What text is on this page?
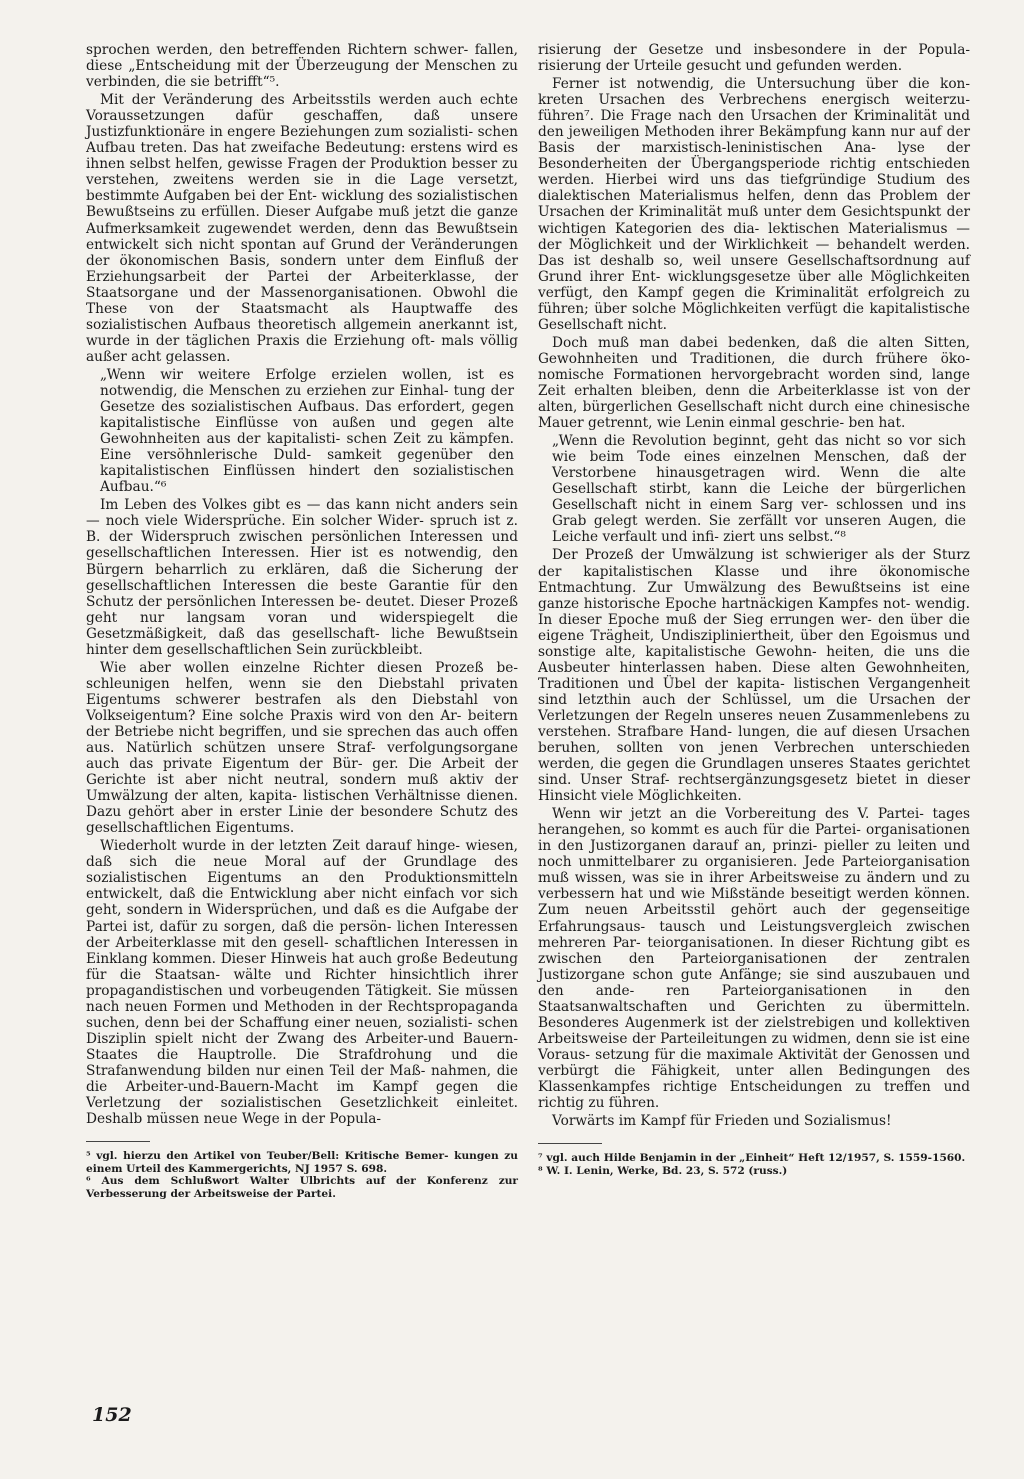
sprochen werden, den betreffenden Richtern schwer- fallen, diese „Entscheidung mit der Überzeugung der Menschen zu verbinden, die sie betrifft“⁵.

Mit der Veränderung des Arbeitsstils werden auch echte Voraussetzungen dafür geschaffen, daß unsere Justizfunktionäre in engere Beziehungen zum sozialisti- schen Aufbau treten. Das hat zweifache Bedeutung: erstens wird es ihnen selbst helfen, gewisse Fragen der Produktion besser zu verstehen, zweitens werden sie in die Lage versetzt, bestimmte Aufgaben bei der Ent- wicklung des sozialistischen Bewußtseins zu erfüllen. Dieser Aufgabe muß jetzt die ganze Aufmerksamkeit zugewendet werden, denn das Bewußtsein entwickelt sich nicht spontan auf Grund der Veränderungen der ökonomischen Basis, sondern unter dem Einfluß der Erziehungsarbeit der Partei der Arbeiterklasse, der Staatsorgane und der Massenorganisationen. Obwohl die These von der Staatsmacht als Hauptwaffe des sozialistischen Aufbaus theoretisch allgemein anerkannt ist, wurde in der täglichen Praxis die Erziehung oft- mals völlig außer acht gelassen.

„Wenn wir weitere Erfolge erzielen wollen, ist es notwendig, die Menschen zu erziehen zur Einhal- tung der Gesetze des sozialistischen Aufbaus. Das erfordert, gegen kapitalistische Einflüsse von außen und gegen alte Gewohnheiten aus der kapitalisti- schen Zeit zu kämpfen. Eine versöhnlerische Duld- samkeit gegenüber den kapitalistischen Einflüssen hindert den sozialistischen Aufbau.“⁶

Im Leben des Volkes gibt es — das kann nicht anders sein — noch viele Widersprüche. Ein solcher Wider- spruch ist z. B. der Widerspruch zwischen persönlichen Interessen und gesellschaftlichen Interessen. Hier ist es notwendig, den Bürgern beharrlich zu erklären, daß die Sicherung der gesellschaftlichen Interessen die beste Garantie für den Schutz der persönlichen Interessen be- deutet. Dieser Prozeß geht nur langsam voran und widerspiegelt die Gesetzmäßigkeit, daß das gesellschaft- liche Bewußtsein hinter dem gesellschaftlichen Sein zurückbleibt.

Wie aber wollen einzelne Richter diesen Prozeß be- schleunigen helfen, wenn sie den Diebstahl privaten Eigentums schwerer bestrafen als den Diebstahl von Volkseigentum? Eine solche Praxis wird von den Ar- beitern der Betriebe nicht begriffen, und sie sprechen das auch offen aus. Natürlich schützen unsere Straf- verfolgungsorgane auch das private Eigentum der Bür- ger. Die Arbeit der Gerichte ist aber nicht neutral, sondern muß aktiv der Umwälzung der alten, kapita- listischen Verhältnisse dienen. Dazu gehört aber in erster Linie der besondere Schutz des gesellschaftlichen Eigentums.

Wiederholt wurde in der letzten Zeit darauf hinge- wiesen, daß sich die neue Moral auf der Grundlage des sozialistischen Eigentums an den Produktionsmitteln entwickelt, daß die Entwicklung aber nicht einfach vor sich geht, sondern in Widersprüchen, und daß es die Aufgabe der Partei ist, dafür zu sorgen, daß die persön- lichen Interessen der Arbeiterklasse mit den gesell- schaftlichen Interessen in Einklang kommen. Dieser Hinweis hat auch große Bedeutung für die Staatsan- wälte und Richter hinsichtlich ihrer propagandistischen und vorbeugenden Tätigkeit. Sie müssen nach neuen Formen und Methoden in der Rechtspropaganda suchen, denn bei der Schaffung einer neuen, sozialisti- schen Disziplin spielt nicht der Zwang des Arbeiter-und Bauern-Staates die Hauptrolle. Die Strafdrohung und die Strafanwendung bilden nur einen Teil der Maß- nahmen, die die Arbeiter-und-Bauern-Macht im Kampf gegen die Verletzung der sozialistischen Gesetzlichkeit einleitet. Deshalb müssen neue Wege in der Popula-

⁵ vgl. hierzu den Artikel von Teuber/Bell: Kritische Bemer- kungen zu einem Urteil des Kammergerichts, NJ 1957 S. 698.

⁶ Aus dem Schlußwort Walter Ulbrichts auf der Konferenz zur Verbesserung der Arbeitsweise der Partei.

risierung der Gesetze und insbesondere in der Popula- risierung der Urteile gesucht und gefunden werden.

Ferner ist notwendig, die Untersuchung über die kon- kreten Ursachen des Verbrechens energisch weiterzu- führen⁷. Die Frage nach den Ursachen der Kriminalität und den jeweiligen Methoden ihrer Bekämpfung kann nur auf der Basis der marxistisch-leninistischen Ana- lyse der Besonderheiten der Übergangsperiode richtig entschieden werden. Hierbei wird uns das tiefgründige Studium des dialektischen Materialismus helfen, denn das Problem der Ursachen der Kriminalität muß unter dem Gesichtspunkt der wichtigen Kategorien des dia- lektischen Materialismus — der Möglichkeit und der Wirklichkeit — behandelt werden. Das ist deshalb so, weil unsere Gesellschaftsordnung auf Grund ihrer Ent- wicklungsgesetze über alle Möglichkeiten verfügt, den Kampf gegen die Kriminalität erfolgreich zu führen; über solche Möglichkeiten verfügt die kapitalistische Gesellschaft nicht.

Doch muß man dabei bedenken, daß die alten Sitten, Gewohnheiten und Traditionen, die durch frühere öko- nomische Formationen hervorgebracht worden sind, lange Zeit erhalten bleiben, denn die Arbeiterklasse ist von der alten, bürgerlichen Gesellschaft nicht durch eine chinesische Mauer getrennt, wie Lenin einmal geschrie- ben hat.

„Wenn die Revolution beginnt, geht das nicht so vor sich wie beim Tode eines einzelnen Menschen, daß der Verstorbene hinausgetragen wird. Wenn die alte Gesellschaft stirbt, kann die Leiche der bürgerlichen Gesellschaft nicht in einem Sarg ver- schlossen und ins Grab gelegt werden. Sie zerfällt vor unseren Augen, die Leiche verfault und infi- ziert uns selbst.“⁸

Der Prozeß der Umwälzung ist schwieriger als der Sturz der kapitalistischen Klasse und ihre ökonomische Entmachtung. Zur Umwälzung des Bewußtseins ist eine ganze historische Epoche hartnäckigen Kampfes not- wendig. In dieser Epoche muß der Sieg errungen wer- den über die eigene Trägheit, Undiszipliniertheit, über den Egoismus und sonstige alte, kapitalistische Gewohn- heiten, die uns die Ausbeuter hinterlassen haben. Diese alten Gewohnheiten, Traditionen und Übel der kapita- listischen Vergangenheit sind letzthin auch der Schlüssel, um die Ursachen der Verletzungen der Regeln unseres neuen Zusammenlebens zu verstehen. Strafbare Hand- lungen, die auf diesen Ursachen beruhen, sollten von jenen Verbrechen unterschieden werden, die gegen die Grundlagen unseres Staates gerichtet sind. Unser Straf- rechtsergänzungsgesetz bietet in dieser Hinsicht viele Möglichkeiten.

Wenn wir jetzt an die Vorbereitung des V. Partei- tages herangehen, so kommt es auch für die Partei- organisationen in den Justizorganen darauf an, prinzi- pieller zu leiten und noch unmittelbarer zu organisieren. Jede Parteiorganisation muß wissen, was sie in ihrer Arbeitsweise zu ändern und zu verbessern hat und wie Mißstände beseitigt werden können. Zum neuen Arbeitsstil gehört auch der gegenseitige Erfahrungsaus- tausch und Leistungsvergleich zwischen mehreren Par- teiorganisationen. In dieser Richtung gibt es zwischen den Parteiorganisationen der zentralen Justizorgane schon gute Anfänge; sie sind auszubauen und den ande- ren Parteiorganisationen in den Staatsanwaltschaften und Gerichten zu übermitteln. Besonderes Augenmerk ist der zielstrebigen und kollektiven Arbeitsweise der Parteileitungen zu widmen, denn sie ist eine Voraus- setzung für die maximale Aktivität der Genossen und verbürgt die Fähigkeit, unter allen Bedingungen des Klassenkampfes richtige Entscheidungen zu treffen und richtig zu führen.

Vorwärts im Kampf für Frieden und Sozialismus!

⁷ vgl. auch Hilde Benjamin in der „Einheit“ Heft 12/1957, S. 1559-1560.

⁸ W. I. Lenin, Werke, Bd. 23, S. 572 (russ.)

152
